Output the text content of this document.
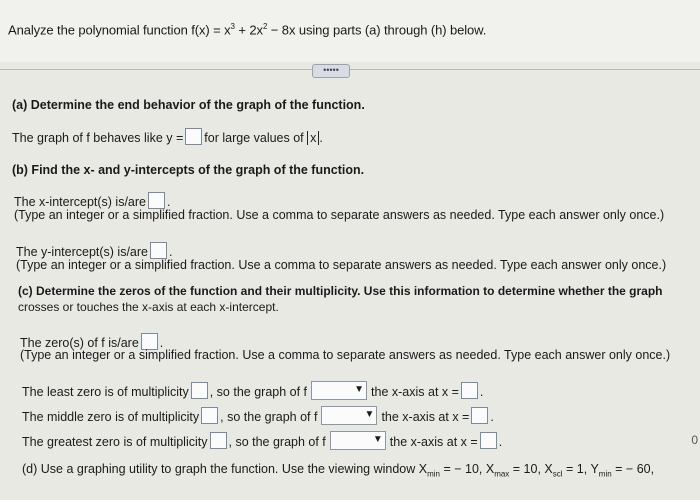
Analyze the polynomial function $f(x) = x^3 + 2x^2 - 8x$ using parts (a) through (h) below.
•••••
(a) Determine the end behavior of the graph of the function.
The graph of f behaves like y = for large values of x .
(b) Find the x- and y-intercepts of the graph of the function.
The x-intercept(s) is/are .
(Type an integer or a simplified fraction. Use a comma to separate answers as needed. Type each answer only once.)
The y-intercept(s) is/are .
(Type an integer or a simplified fraction. Use a comma to separate answers as needed. Type each answer only once.)
(c) Determine the zeros of the function and their multiplicity. Use this information to determine whether the graph
crosses or touches the x-axis at each x-intercept.
The zero(s) of f is/are .
(Type an integer or a simplified fraction. Use a comma to separate answers as needed. Type each answer only once.)
The least zero is of multiplicity , so the graph of f	▼ the x-axis at x = .
The middle zero is of multiplicity , so the graph of f	▼ the x-axis at x = .
The greatest zero is of multiplicity , so the graph of f	▼ the x-axis at x = .
(d) Use a graphing utility to graph the function. Use the viewing window $X_{min}$ = − 10, $X_{max} = 10$, $X_{scl} = 1$, $Y_{min}$ = − 60,
0
